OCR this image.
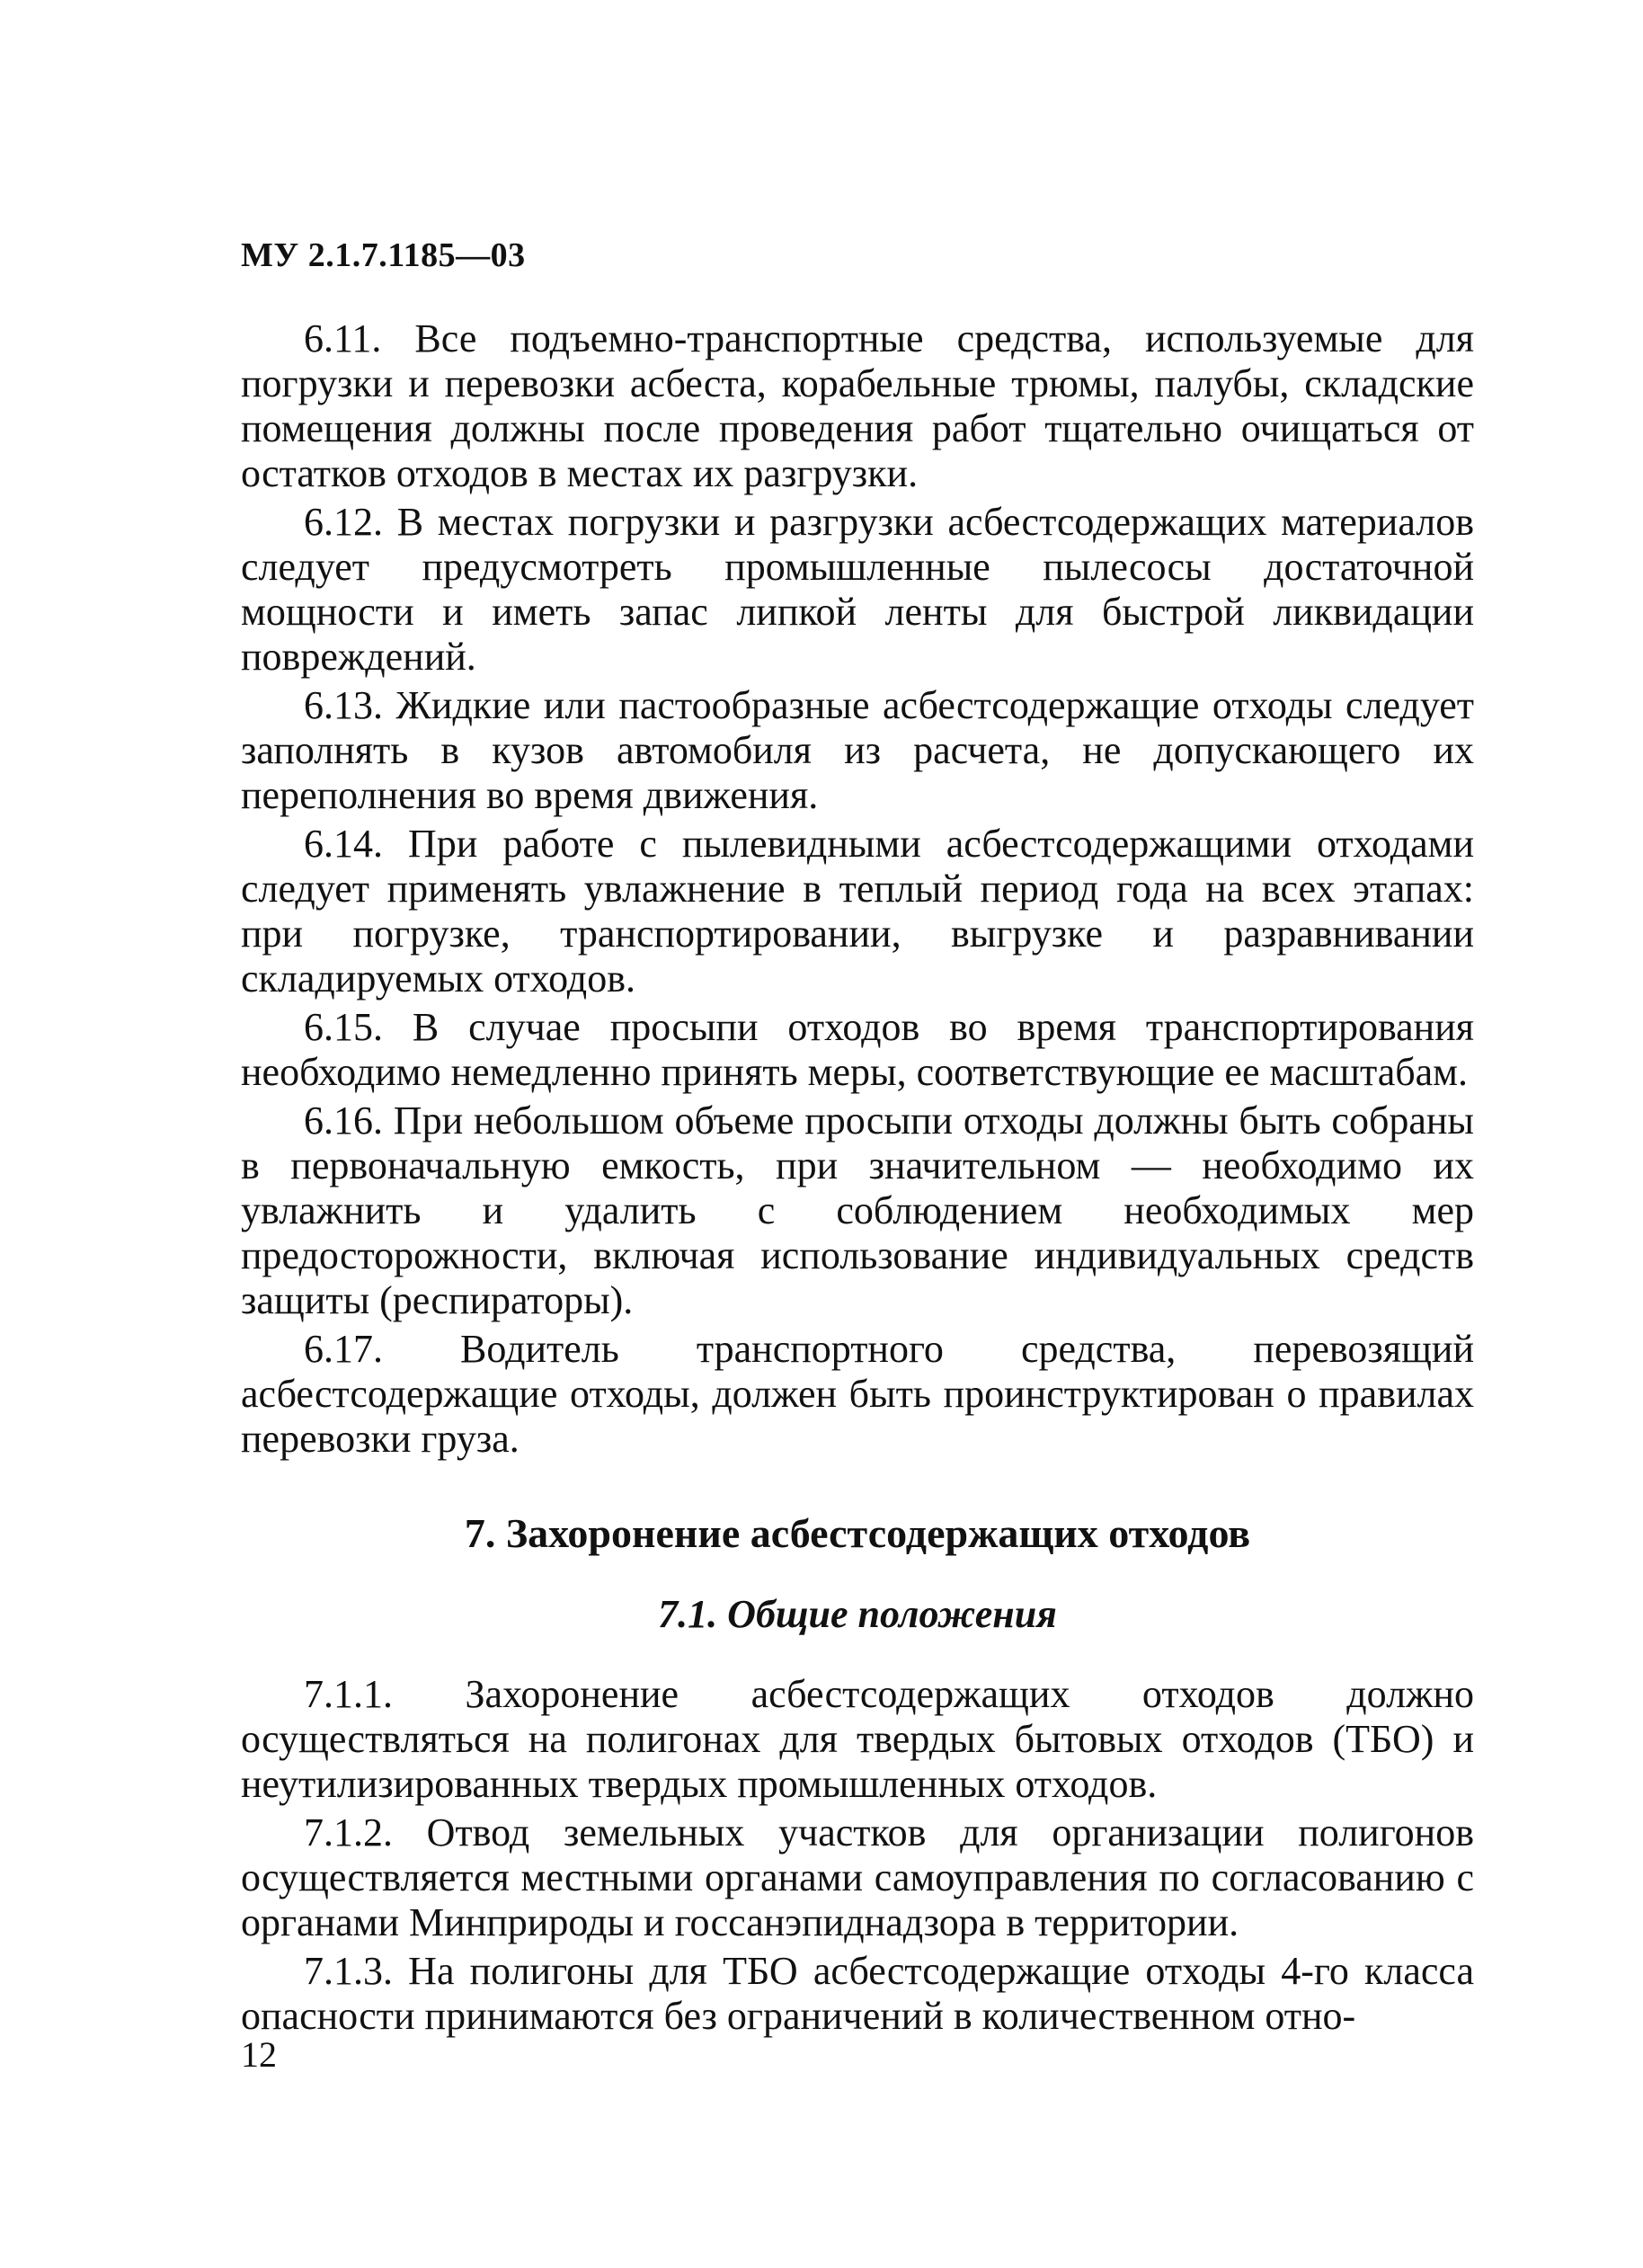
МУ 2.1.7.1185—03

6.11. Все подъемно-транспортные средства, используемые для погрузки и перевозки асбеста, корабельные трюмы, палубы, складские помещения должны после проведения работ тщательно очищаться от остатков отходов в местах их разгрузки.

6.12. В местах погрузки и разгрузки асбестсодержащих материалов следует предусмотреть промышленные пылесосы достаточной мощности и иметь запас липкой ленты для быстрой ликвидации повреждений.

6.13. Жидкие или пастообразные асбестсодержащие отходы следует заполнять в кузов автомобиля из расчета, не допускающего их переполнения во время движения.

6.14. При работе с пылевидными асбестсодержащими отходами следует применять увлажнение в теплый период года на всех этапах: при погрузке, транспортировании, выгрузке и разравнивании складируемых отходов.

6.15. В случае просыпи отходов во время транспортирования необходимо немедленно принять меры, соответствующие ее масштабам.

6.16. При небольшом объеме просыпи отходы должны быть собраны в первоначальную емкость, при значительном — необходимо их увлажнить и удалить с соблюдением необходимых мер предосторожности, включая использование индивидуальных средств защиты (респираторы).

6.17. Водитель транспортного средства, перевозящий асбестсодержащие отходы, должен быть проинструктирован о правилах перевозки груза.

7. Захоронение асбестсодержащих отходов
7.1. Общие положения

7.1.1. Захоронение асбестсодержащих отходов должно осуществляться на полигонах для твердых бытовых отходов (ТБО) и неутилизированных твердых промышленных отходов.

7.1.2. Отвод земельных участков для организации полигонов осуществляется местными органами самоуправления по согласованию с органами Минприроды и госсанэпиднадзора в территории.

7.1.3. На полигоны для ТБО асбестсодержащие отходы 4-го класса опасности принимаются без ограничений в количественном отно-

12
